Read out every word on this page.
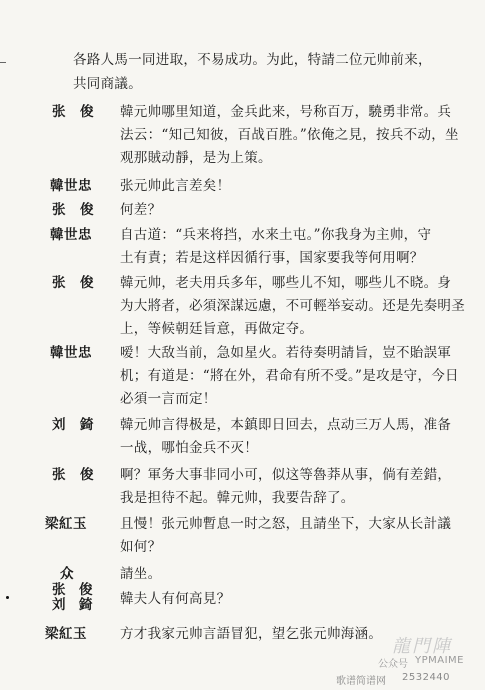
各路人馬一同进取，不易成功。为此，特請二位元帅前来，
共同商議。
张　俊 韓元帅哪里知道，金兵此来，号称百万，驍勇非常。兵
法云：“知己知彼，百战百胜。”依俺之見，按兵不动，坐
观那賊动靜，是为上策。
韓世忠 张元帅此言差矣！
张　俊 何差？
韓世忠 自古道：“兵来将挡，水来土屯。”你我身为主帅，守
土有責；若是这样因循行事，国家要我等何用啊？
张　俊 韓元帅，老夫用兵多年，哪些儿不知，哪些儿不晓。身
为大將者，必須深謀远慮，不可輕举妄动。还是先奏明圣
上，等候朝廷旨意，再做定夺。
韓世忠 嗳！大敌当前，急如星火。若待奏明請旨，豈不貽誤軍
机；有道是：“將在外，君命有所不受。”是攻是守，今日
必須一言而定！
刘　錡 韓元帅言得极是，本鎮即日回去，点动三万人馬，准备
一战，哪怕金兵不灭！
张　俊 啊？軍务大事非同小可，似这等魯莽从事，倘有差錯，
我是担待不起。韓元帅，我要告辞了。
梁紅玉 且慢！张元帅暫息一时之怒，且請坐下，大家从长計議
如何？
众	請坐。
张　 俊
刘　 錡 韓夫人有何高見？
梁紅玉 方才我家元帅言語冒犯，望乞张元帅海涵。
龍門陣
公众号 YPMAIME
歌谱简谱网 2532440
